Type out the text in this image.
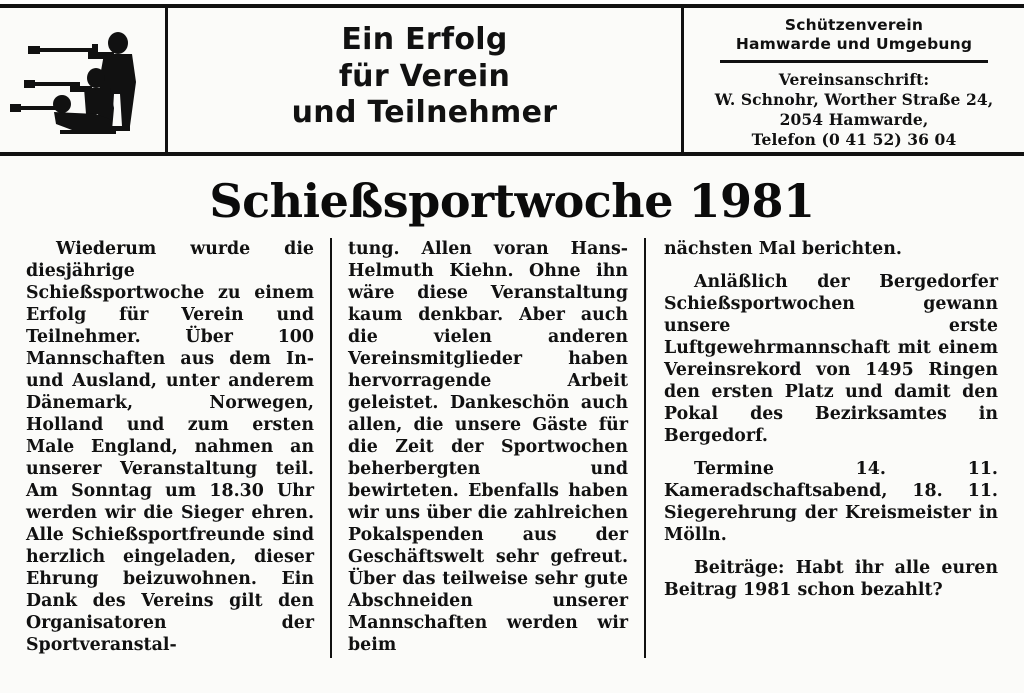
Ein Erfolg
für Verein
und Teilnehmer
Schützenverein
Hamwarde und Umgebung
Vereinsanschrift:
W. Schnohr, Worther Straße 24,
2054 Hamwarde,
Telefon (0 41 52) 36 04
Schießsportwoche 1981

Wiederum wurde die diesjährige Schießsportwoche zu einem Erfolg für Verein und Teilnehmer. Über 100 Mannschaften aus dem In- und Ausland, unter anderem Dänemark, Norwegen, Holland und zum ersten Male England, nahmen an unserer Veranstaltung teil. Am Sonntag um 18.30 Uhr werden wir die Sieger ehren. Alle Schießsportfreunde sind herzlich eingeladen, dieser Ehrung beizuwohnen. Ein Dank des Vereins gilt den Organisatoren der Sportveranstal-

tung. Allen voran Hans-Helmuth Kiehn. Ohne ihn wäre diese Veranstaltung kaum denkbar. Aber auch die vielen anderen Vereinsmitglieder haben hervorragende Arbeit geleistet. Dankeschön auch allen, die unsere Gäste für die Zeit der Sportwochen beherbergten und bewirteten. Ebenfalls haben wir uns über die zahlreichen Pokalspenden aus der Geschäftswelt sehr gefreut. Über das teilweise sehr gute Abschneiden unserer Mannschaften werden wir beim

nächsten Mal berichten.

Anläßlich der Bergedorfer Schießsportwochen gewann unsere erste Luftgewehrmannschaft mit einem Vereinsrekord von 1495 Ringen den ersten Platz und damit den Pokal des Bezirksamtes in Bergedorf.

Termine 14. 11. Kameradschaftsabend, 18. 11. Siegerehrung der Kreismeister in Mölln.

Beiträge: Habt ihr alle euren Beitrag 1981 schon bezahlt?
